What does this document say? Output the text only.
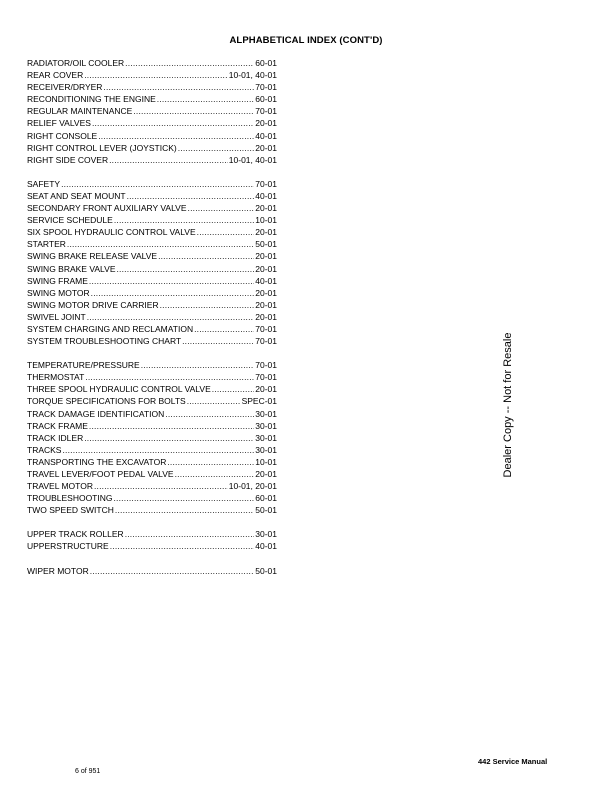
ALPHABETICAL INDEX (CONT'D)
RADIATOR/OIL COOLER .....	60-01
REAR COVER .....	10-01, 40-01
RECEIVER/DRYER .....	70-01
RECONDITIONING THE ENGINE .....	60-01
REGULAR MAINTENANCE .....	70-01
RELIEF VALVES .....	20-01
RIGHT CONSOLE .....	40-01
RIGHT CONTROL LEVER (JOYSTICK) .....	20-01
RIGHT SIDE COVER .....	10-01, 40-01
SAFETY .....	70-01
SEAT AND SEAT MOUNT .....	40-01
SECONDARY FRONT AUXILIARY VALVE .....	20-01
SERVICE SCHEDULE .....	10-01
SIX SPOOL HYDRAULIC CONTROL VALVE .....	20-01
STARTER .....	50-01
SWING BRAKE RELEASE VALVE .....	20-01
SWING BRAKE VALVE .....	20-01
SWING FRAME .....	40-01
SWING MOTOR .....	20-01
SWING MOTOR DRIVE CARRIER .....	20-01
SWIVEL JOINT .....	20-01
SYSTEM CHARGING AND RECLAMATION .....	70-01
SYSTEM TROUBLESHOOTING CHART .....	70-01
TEMPERATURE/PRESSURE .....	70-01
THERMOSTAT .....	70-01
THREE SPOOL HYDRAULIC CONTROL VALVE .....	20-01
TORQUE SPECIFICATIONS FOR BOLTS .....	SPEC-01
TRACK DAMAGE IDENTIFICATION .....	30-01
TRACK FRAME .....	30-01
TRACK IDLER .....	30-01
TRACKS .....	30-01
TRANSPORTING THE EXCAVATOR .....	10-01
TRAVEL LEVER/FOOT PEDAL VALVE .....	20-01
TRAVEL MOTOR .....	10-01, 20-01
TROUBLESHOOTING .....	60-01
TWO SPEED SWITCH .....	50-01
UPPER TRACK ROLLER .....	30-01
UPPERSTRUCTURE .....	40-01
WIPER MOTOR .....	50-01
Dealer Copy -- Not for Resale
6 of 951
442 Service Manual
